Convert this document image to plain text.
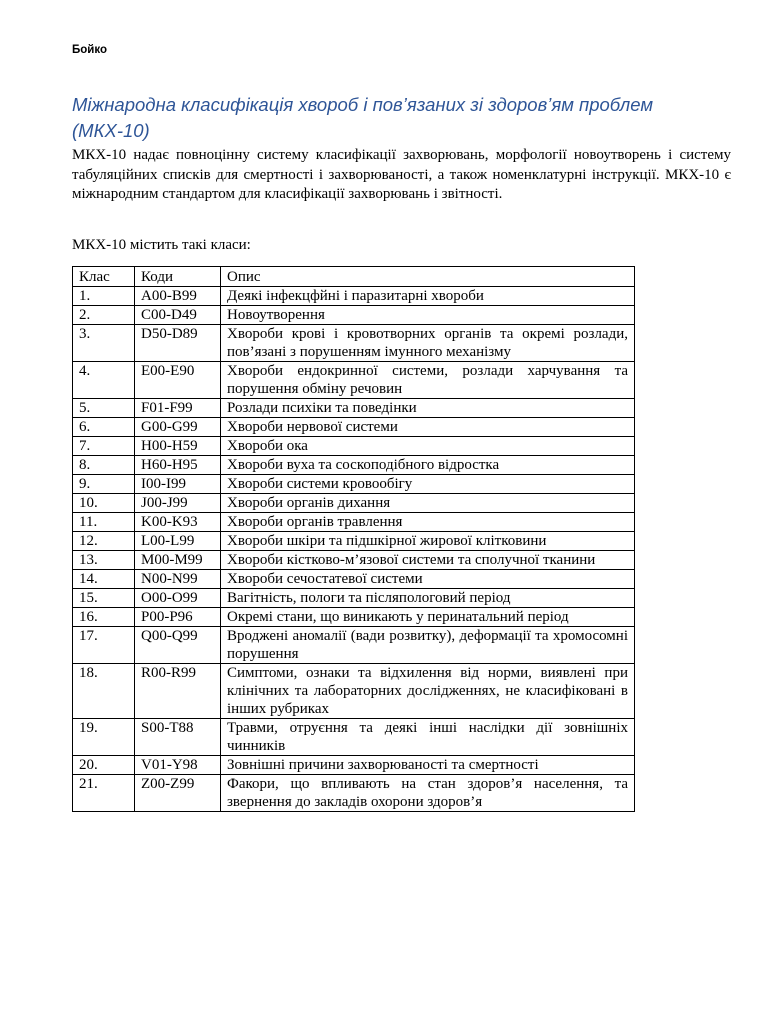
Бойко
Міжнародна класифікація хвороб і пов’язаних зі здоров’ям проблем (МКХ-10)

МКХ-10 надає повноцінну систему класифікації захворювань, морфології новоутворень і систему табуляційних списків для смертності і захворюваності, а також номенклатурні інструкції. МКХ-10 є міжнародним стандартом для класифікації захворювань і звітності.

МКХ-10 містить такі класи:

Клас	Коди	Опис
1.	A00-B99	Деякі інфекцфйні і паразитарні хвороби
2.	C00-D49	Новоутворення
3.	D50-D89	Хвороби крові і кровотворних органів та окремі розлади, пов’язані з порушенням імунного механізму
4.	E00-E90	Хвороби ендокринної системи, розлади харчування та порушення обміну речовин
5.	F01-F99	Розлади психіки та поведінки
6.	G00-G99	Хвороби нервової системи
7.	H00-H59	Хвороби ока
8.	H60-H95	Хвороби вуха та соскоподібного відростка
9.	I00-I99	Хвороби системи кровообігу
10.	J00-J99	Хвороби органів дихання
11.	K00-K93	Хвороби органів травлення
12.	L00-L99	Хвороби шкіри та підшкірної жирової клітковини
13.	M00-M99	Хвороби кістково-м’язової системи та сполучної тканини
14.	N00-N99	Хвороби сечостатевої системи
15.	O00-O99	Вагітність, пологи та післяпологовий період
16.	P00-P96	Окремі стани, що виникають у перинатальний період
17.	Q00-Q99	Вроджені аномалії (вади розвитку), деформації та хромосомні порушення
18.	R00-R99	Симптоми, ознаки та відхилення від норми, виявлені при клінічних та лабораторних дослідженнях, не класифіковані в інших рубриках
19.	S00-T88	Травми, отруєння та деякі інші наслідки дії зовнішніх чинників
20.	V01-Y98	Зовнішні причини захворюваності та смертності
21.	Z00-Z99	Факори, що впливають на стан здоров’я населення, та звернення до закладів охорони здоров’я
